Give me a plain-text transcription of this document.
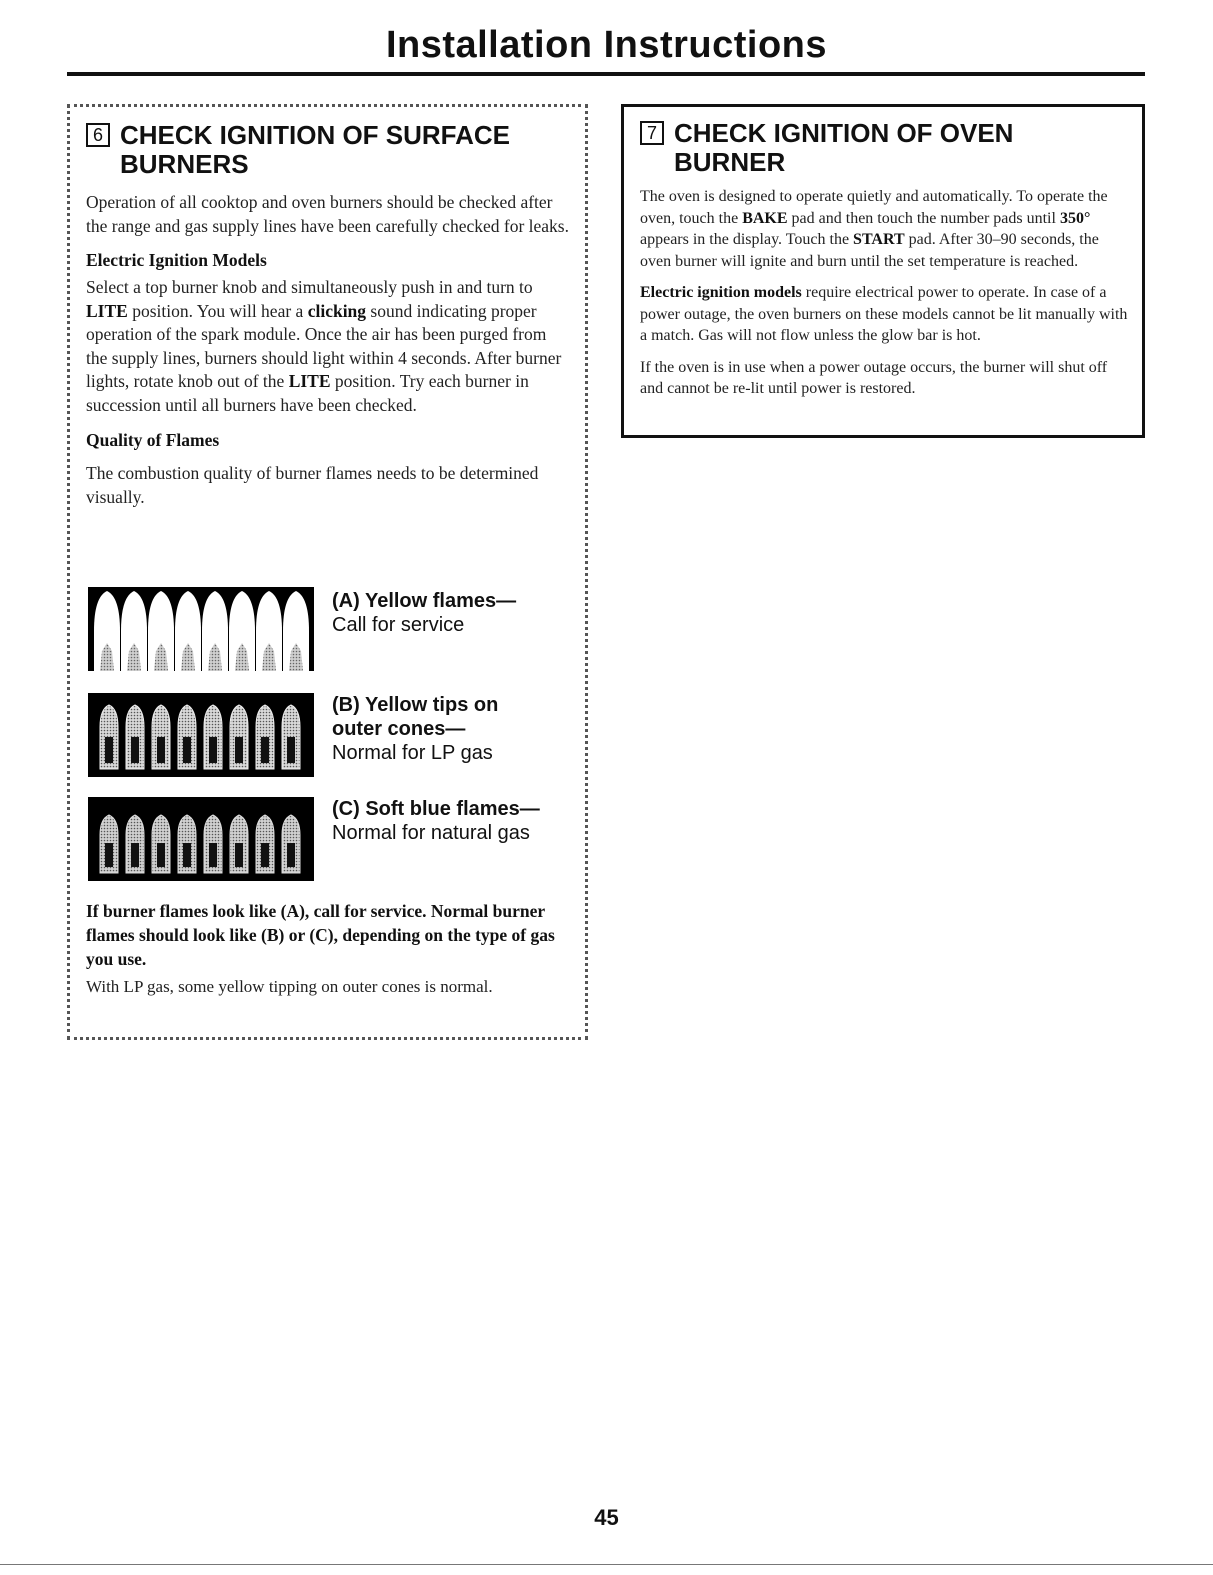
Installation Instructions
6 CHECK IGNITION OF SURFACE BURNERS

Operation of all cooktop and oven burners should be checked after the range and gas supply lines have been carefully checked for leaks.

Electric Ignition Models

Select a top burner knob and simultaneously push in and turn to LITE position. You will hear a clicking sound indicating proper operation of the spark module. Once the air has been purged from the supply lines, burners should light within 4 seconds. After burner lights, rotate knob out of the LITE position. Try each burner in succession until all burners have been checked.

Quality of Flames

The combustion quality of burner flames needs to be determined visually.

(A) Yellow flames—
Call for service
(B) Yellow tips on outer cones—
Normal for LP gas
(C) Soft blue flames—
Normal for natural gas

If burner flames look like (A), call for service. Normal burner flames should look like (B) or (C), depending on the type of gas you use.

With LP gas, some yellow tipping on outer cones is normal.

7 CHECK IGNITION OF OVEN BURNER

The oven is designed to operate quietly and automatically. To operate the oven, touch the BAKE pad and then touch the number pads until 350° appears in the display. Touch the START pad. After 30–90 seconds, the oven burner will ignite and burn until the set temperature is reached.

Electric ignition models require electrical power to operate. In case of a power outage, the oven burners on these models cannot be lit manually with a match. Gas will not flow unless the glow bar is hot.

If the oven is in use when a power outage occurs, the burner will shut off and cannot be re-lit until power is restored.

45
